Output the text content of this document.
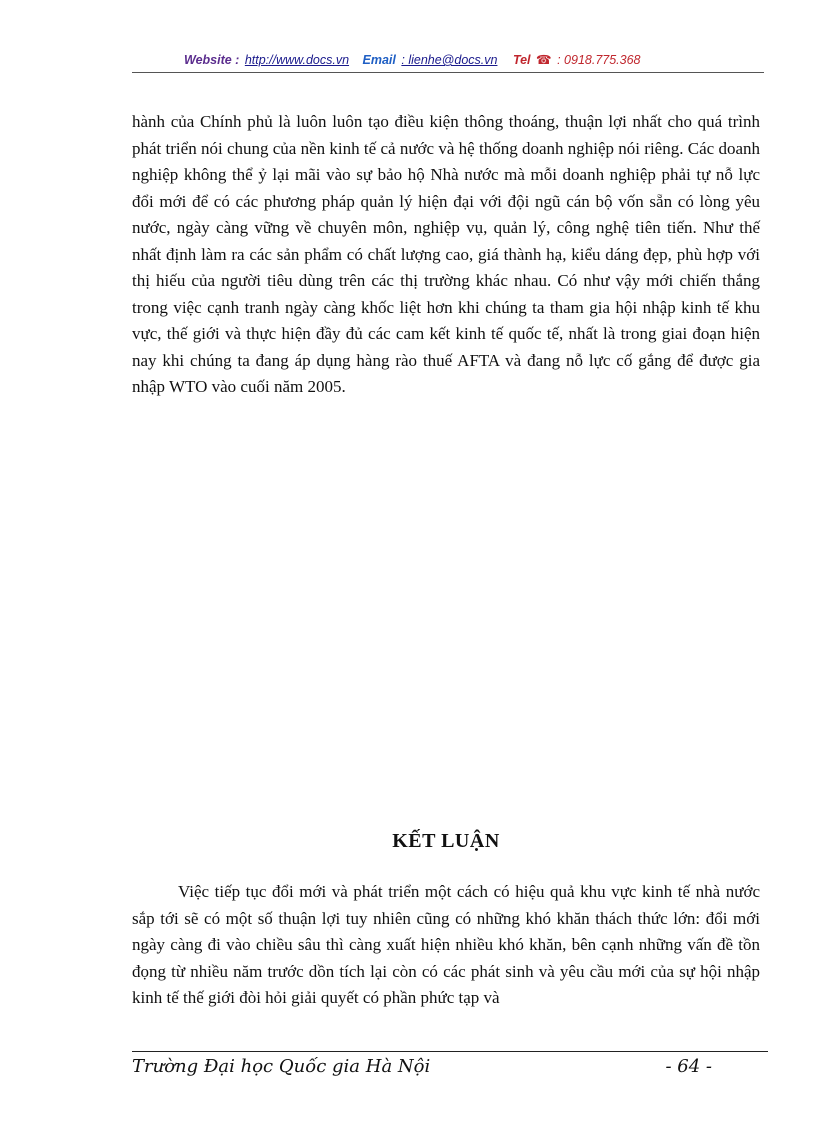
Website : http://www.docs.vn Email : lienhe@docs.vn Tel ☎ : 0918.775.368

hành của Chính phủ là luôn luôn tạo điều kiện thông thoáng, thuận lợi nhất cho quá trình phát triển nói chung của nền kinh tế cả nước và hệ thống doanh nghiệp nói riêng. Các doanh nghiệp không thể ỷ lại mãi vào sự bảo hộ Nhà nước mà mỗi doanh nghiệp phải tự nỗ lực đổi mới để có các phương pháp quản lý hiện đại với đội ngũ cán bộ vốn sẵn có lòng yêu nước, ngày càng vững về chuyên môn, nghiệp vụ, quản lý, công nghệ tiên tiến. Như thế nhất định làm ra các sản phẩm có chất lượng cao, giá thành hạ, kiểu dáng đẹp, phù hợp với thị hiếu của người tiêu dùng trên các thị trường khác nhau. Có như vậy mới chiến thắng trong việc cạnh tranh ngày càng khốc liệt hơn khi chúng ta tham gia hội nhập kinh tế khu vực, thế giới và thực hiện đầy đủ các cam kết kinh tế quốc tế, nhất là trong giai đoạn hiện nay khi chúng ta đang áp dụng hàng rào thuế AFTA và đang nỗ lực cố gắng để được gia nhập WTO vào cuối năm 2005.

KẾT LUẬN

Việc tiếp tục đổi mới và phát triển một cách có hiệu quả khu vực kinh tế nhà nước sắp tới sẽ có một số thuận lợi tuy nhiên cũng có những khó khăn thách thức lớn: đổi mới ngày càng đi vào chiều sâu thì càng xuất hiện nhiều khó khăn, bên cạnh những vấn đề tồn đọng từ nhiều năm trước dồn tích lại còn có các phát sinh và yêu cầu mới của sự hội nhập kinh tế thế giới đòi hỏi giải quyết có phần phức tạp và

Trường Đại học Quốc gia Hà Nội	- 64 -
